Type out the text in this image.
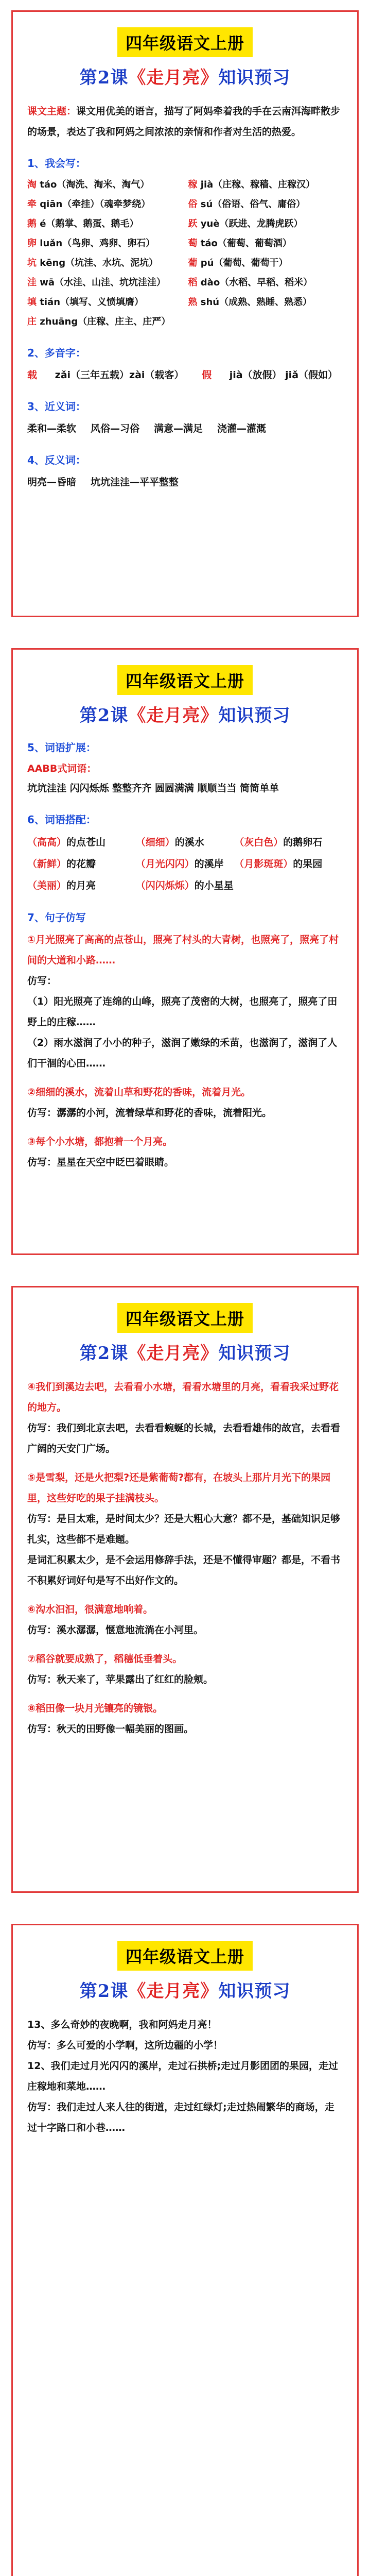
四年级语文上册
第2课《走月亮》知识预习
课文主题：课文用优美的语言，描写了阿妈牵着我的手在云南洱海畔散步的场景，表达了我和阿妈之间浓浓的亲情和作者对生活的热爱。
1、我会写：
淘 táo（淘洗、淘米、淘气）	稼 jià（庄稼、稼穑、庄稼汉）
牵 qiān（牵挂）（魂牵梦绕）	俗 sú（俗语、俗气、庸俗）
鹅 é（鹅掌、鹅蛋、鹅毛）	跃 yuè（跃进、龙腾虎跃）
卵 luǎn（鸟卵、鸡卵、卵石）	萄 táo（葡萄、葡萄酒）
坑 kēng（坑洼、水坑、泥坑）	葡 pú（葡萄、葡萄干）
洼 wā（水洼、山洼、坑坑洼洼）	稻 dào（水稻、早稻、稻米）
填 tián（填写、义愤填膺）	熟 shú（成熟、熟睡、熟悉）
庄 zhuāng（庄稼、庄主、庄严）
2、多音字：
载 zǎi（三年五载）zài（载客） 假 jià（放假） jiǎ（假如）
3、近义词：
柔和—柔软 风俗—习俗 满意—满足 浇灌—灌溉
4、反义词：
明亮—昏暗 坑坑洼洼—平平整整
四年级语文上册
第2课《走月亮》知识预习
5、词语扩展：
AABB式词语：
坑坑洼洼 闪闪烁烁 整整齐齐 圆圆满满 顺顺当当 简简单单
6、词语搭配：
（高高）的点苍山	（细细）的溪水	（灰白色）的鹅卵石
（新鲜）的花瓣	（月光闪闪）的溪岸	（月影斑斑）的果园
（美丽）的月亮	（闪闪烁烁）的小星星
7、句子仿写
①月光照亮了高高的点苍山，照亮了村头的大青树，也照亮了，照亮了村间的大道和小路……
仿写：
（1）阳光照亮了连绵的山峰，照亮了茂密的大树，也照亮了，照亮了田野上的庄稼……
（2）雨水滋润了小小的种子，滋润了嫩绿的禾苗，也滋润了，滋润了人们干涸的心田……
②细细的溪水，流着山草和野花的香味，流着月光。
仿写：潺潺的小河，流着绿草和野花的香味，流着阳光。
③每个小水塘，都抱着一个月亮。
仿写：星星在天空中眨巴着眼睛。
四年级语文上册
第2课《走月亮》知识预习
④我们到溪边去吧，去看看小水塘，看看水塘里的月亮，看看我采过野花的地方。
仿写：我们到北京去吧，去看看蜿蜒的长城，去看看雄伟的故宫，去看看广阔的天安门广场。
⑤是雪梨，还是火把梨?还是紫葡萄?都有，在坡头上那片月光下的果园里，这些好吃的果子挂满枝头。
仿写：是目太难，是时间太少？还是大粗心大意？都不是，基础知识足够扎实，这些都不是难题。
是词汇积累太少，是不会运用修辞手法，还是不懂得审题？都是，不看书不积累好词好句是写不出好作文的。
⑥沟水汩汩，很满意地响着。
仿写：溪水潺潺，惬意地流淌在小河里。
⑦稻谷就要成熟了，稻穗低垂着头。
仿写：秋天来了，苹果露出了红红的脸颊。
⑧稻田像一块月光镶亮的镜银。
仿写：秋天的田野像一幅美丽的图画。
四年级语文上册
第2课《走月亮》知识预习
13、多么奇妙的夜晚啊，我和阿妈走月亮！
仿写：多么可爱的小学啊，这所边疆的小学！
12、我们走过月光闪闪的溪岸，走过石拱桥;走过月影团团的果园，走过庄稼地和菜地……
仿写：我们走过人来人往的街道，走过红绿灯;走过热闹繁华的商场，走过十字路口和小巷……
